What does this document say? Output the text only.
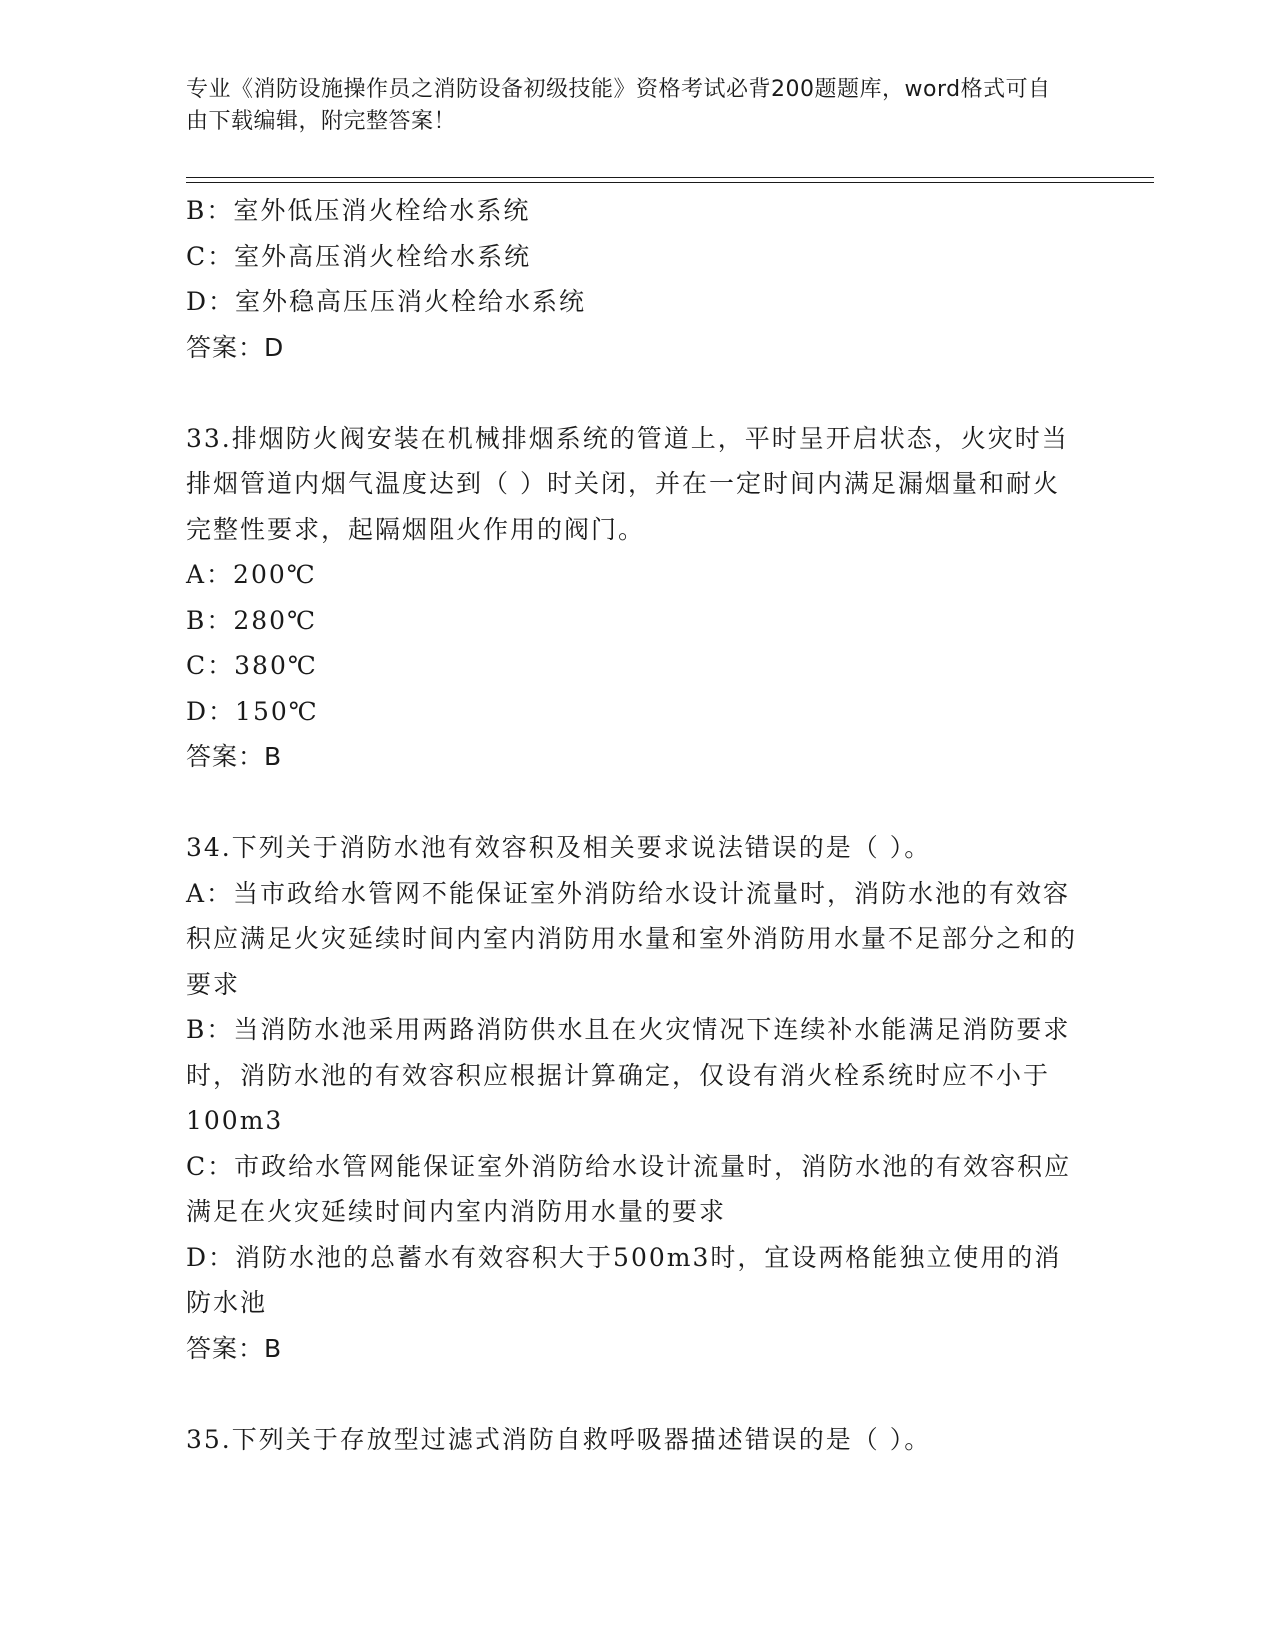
专业《消防设施操作员之消防设备初级技能》资格考试必背200题题库，word格式可自由下载编辑，附完整答案！

B：室外低压消火栓给水系统

C：室外高压消火栓给水系统

D：室外稳高压压消火栓给水系统

答案：D

33.排烟防火阀安装在机械排烟系统的管道上，平时呈开启状态，火灾时当排烟管道内烟气温度达到（ ）时关闭，并在一定时间内满足漏烟量和耐火完整性要求，起隔烟阻火作用的阀门。

A：200℃

B：280℃

C：380℃

D：150℃

答案：B

34.下列关于消防水池有效容积及相关要求说法错误的是（ ）。

A：当市政给水管网不能保证室外消防给水设计流量时，消防水池的有效容积应满足火灾延续时间内室内消防用水量和室外消防用水量不足部分之和的要求

B：当消防水池采用两路消防供水且在火灾情况下连续补水能满足消防要求时，消防水池的有效容积应根据计算确定，仅设有消火栓系统时应不小于100m3

C：市政给水管网能保证室外消防给水设计流量时，消防水池的有效容积应满足在火灾延续时间内室内消防用水量的要求

D：消防水池的总蓄水有效容积大于500m3时，宜设两格能独立使用的消防水池

答案：B

35.下列关于存放型过滤式消防自救呼吸器描述错误的是（ ）。
